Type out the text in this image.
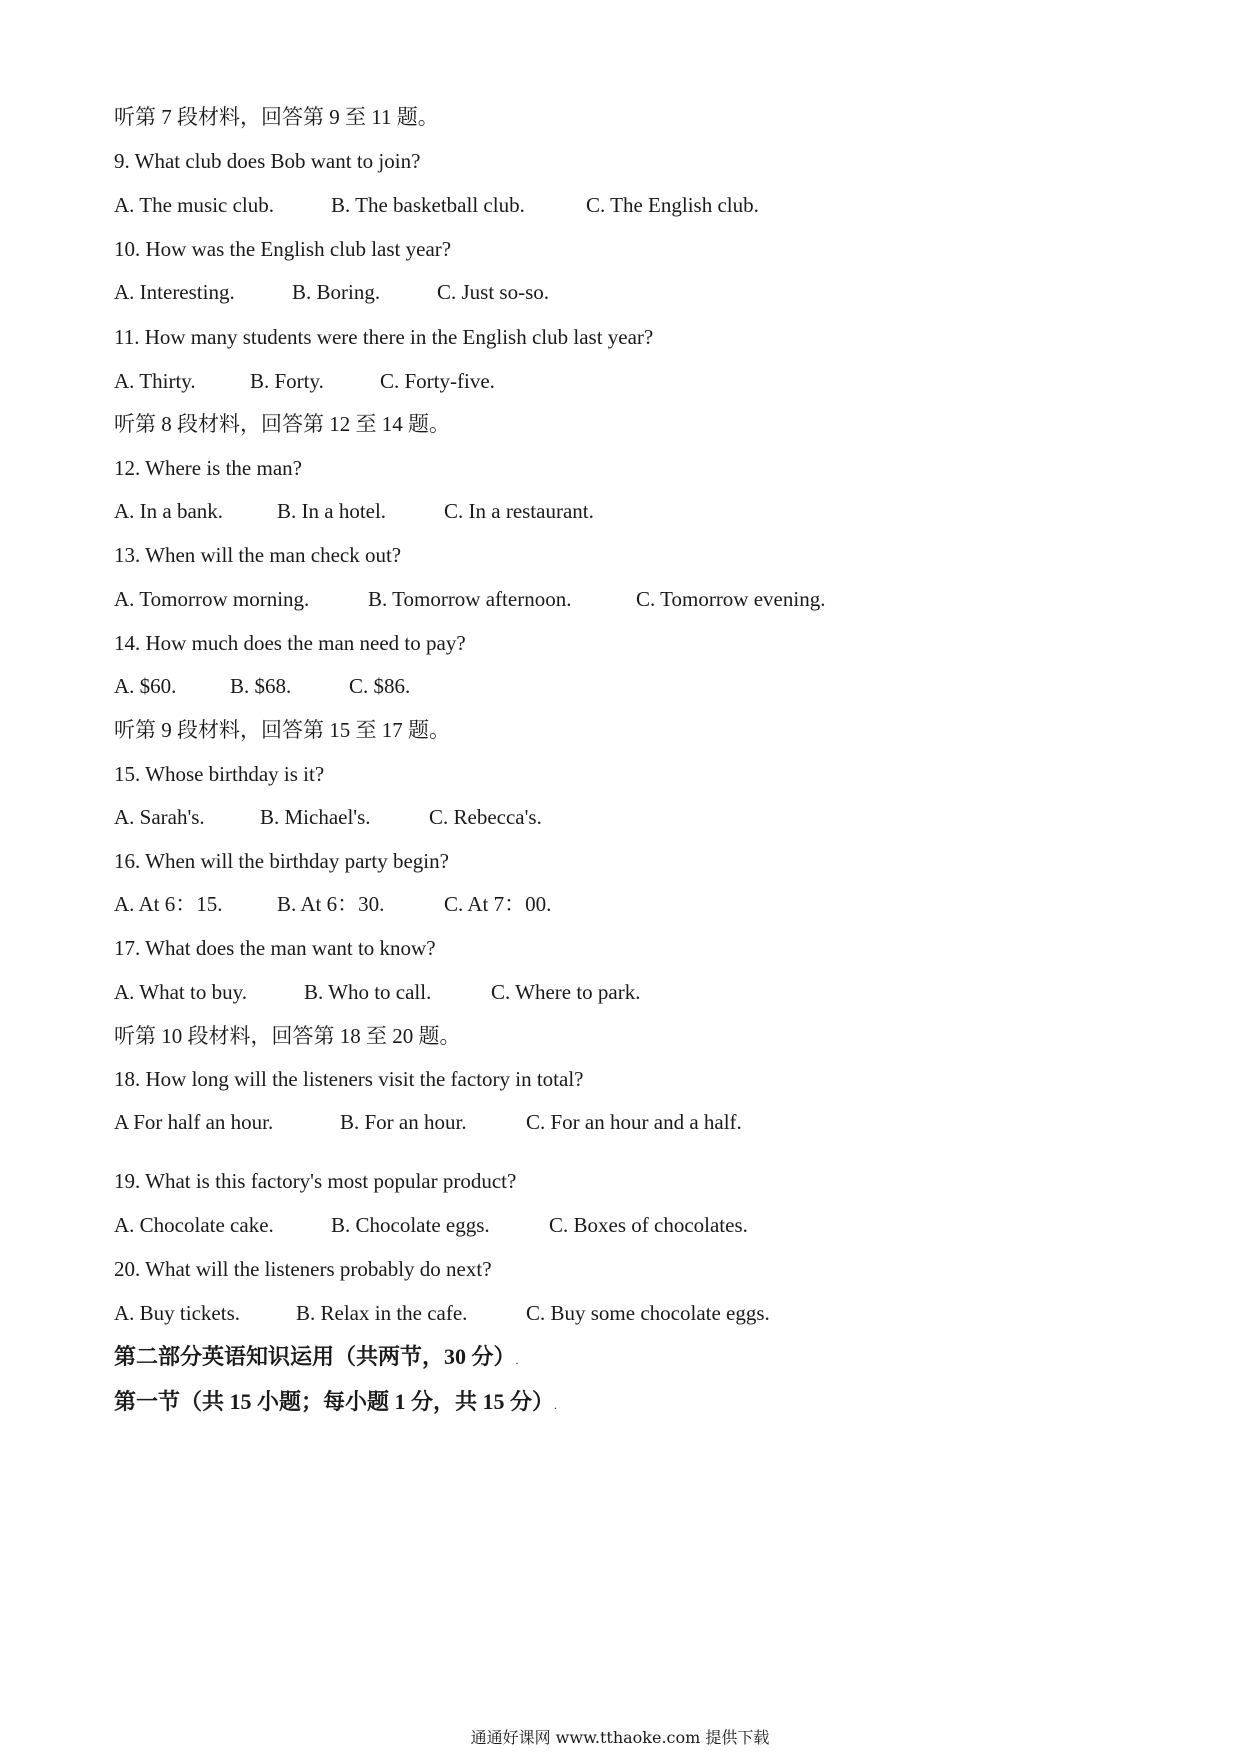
听第 7 段材料，回答第 9 至 11 题。

9. What club does Bob want to join?

A. The music club.	B. The basketball club.	C. The English club.

10. How was the English club last year?

A. Interesting.	B. Boring.	C. Just so-so.

11. How many students were there in the English club last year?

A. Thirty.	B. Forty.	C. Forty-five.

听第 8 段材料，回答第 12 至 14 题。

12. Where is the man?

A. In a bank.	B. In a hotel.	C. In a restaurant.

13. When will the man check out?

A. Tomorrow morning.	B. Tomorrow afternoon.	C. Tomorrow evening.

14. How much does the man need to pay?

A. $60.	B. $68.	C. $86.

听第 9 段材料，回答第 15 至 17 题。

15. Whose birthday is it?

A. Sarah's.	B. Michael's.	C. Rebecca's.

16. When will the birthday party begin?

A. At 6：15.	B. At 6：30.	C. At 7：00.

17. What does the man want to know?

A. What to buy.	B. Who to call.	C. Where to park.

听第 10 段材料，回答第 18 至 20 题。

18. How long will the listeners visit the factory in total?

A For half an hour.	B. For an hour.	C. For an hour and a half.

19. What is this factory's most popular product?

A. Chocolate cake.	B. Chocolate eggs.	C. Boxes of chocolates.

20. What will the listeners probably do next?

A. Buy tickets.	B. Relax in the cafe.	C. Buy some chocolate eggs.

第二部分英语知识运用（共两节，30 分）.

第一节（共 15 小题；每小题 1 分，共 15 分）.

通通好课网 www.tthaoke.com 提供下载
